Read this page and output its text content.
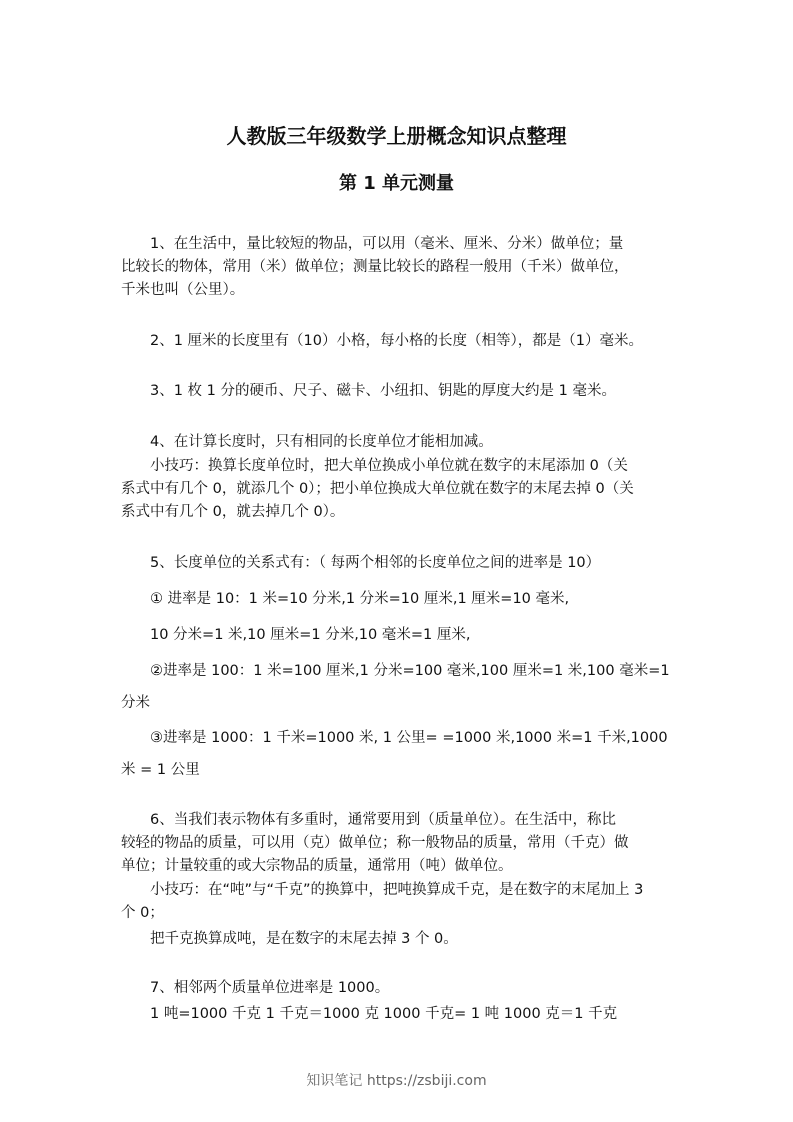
人教版三年级数学上册概念知识点整理
第 1 单元测量
1、在生活中，量比较短的物品，可以用（毫米、厘米、分米）做单位；量
比较长的物体，常用（米）做单位；测量比较长的路程一般用（千米）做单位，
千米也叫（公里）。
2、1 厘米的长度里有（10）小格，每小格的长度（相等），都是（1）毫米。
3、1 枚 1 分的硬币、尺子、磁卡、小纽扣、钥匙的厚度大约是 1 毫米。
4、在计算长度时，只有相同的长度单位才能相加减。
小技巧：换算长度单位时，把大单位换成小单位就在数字的末尾添加 0（关
系式中有几个 0，就添几个 0）；把小单位换成大单位就在数字的末尾去掉 0（关
系式中有几个 0，就去掉几个 0）。
5、长度单位的关系式有：（ 每两个相邻的长度单位之间的进率是 10）
① 进率是 10：1 米=10 分米,1 分米=10 厘米,1 厘米=10 毫米,
10 分米=1 米,10 厘米=1 分米,10 毫米=1 厘米,
②进率是 100：1 米=100 厘米,1 分米=100 毫米,100 厘米=1 米,100 毫米=1
分米
③进率是 1000：1 千米=1000 米, 1 公里= =1000 米,1000 米=1 千米,1000
米 = 1 公里
6、当我们表示物体有多重时，通常要用到（质量单位）。在生活中，称比
较轻的物品的质量，可以用（克）做单位；称一般物品的质量，常用（千克）做
单位；计量较重的或大宗物品的质量，通常用（吨）做单位。
小技巧：在“吨”与“千克”的换算中，把吨换算成千克，是在数字的末尾加上 3
个 0；
把千克换算成吨，是在数字的末尾去掉 3 个 0。
7、相邻两个质量单位进率是 1000。
1 吨=1000 千克 1 千克＝1000 克 1000 千克= 1 吨 1000 克＝1 千克
知识笔记 https://zsbiji.com
